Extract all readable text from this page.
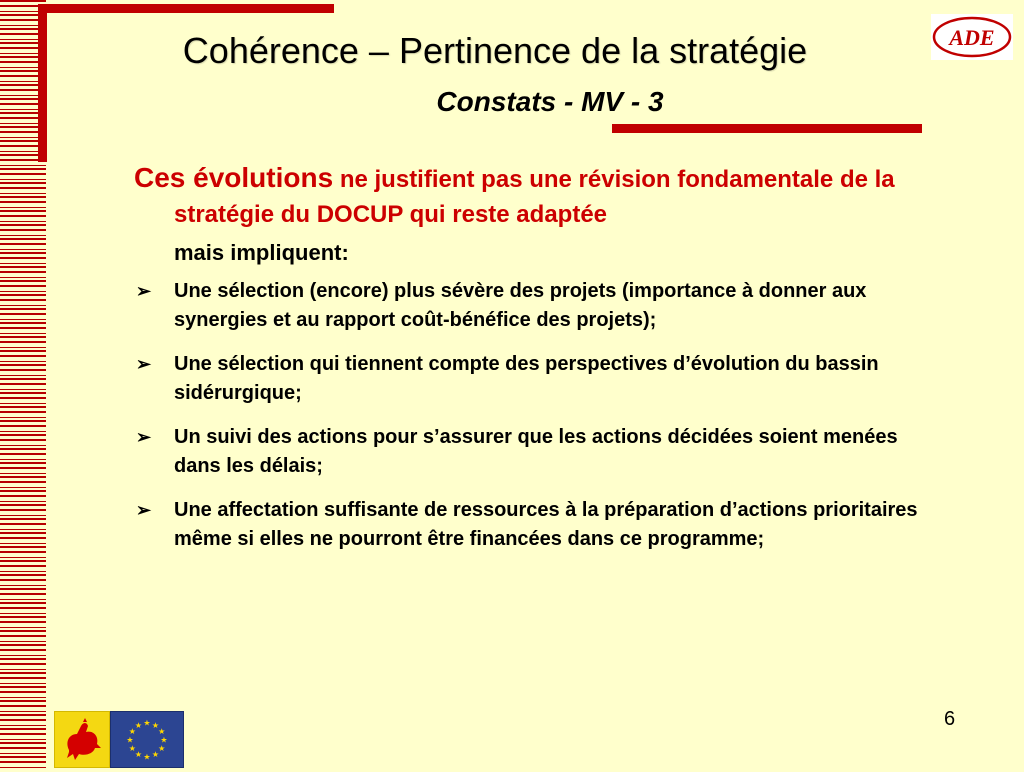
Cohérence – Pertinence de la stratégie
Constats - MV - 3
ADE

Ces évolutions ne justifient pas une révision fondamentale de la stratégie du DOCUP qui reste adaptée

mais impliquent:

➢ Une sélection (encore) plus sévère des projets (importance à donner aux synergies et au rapport coût-bénéfice des projets);
➢ Une sélection qui tiennent compte des perspectives d’évolution du bassin sidérurgique;
➢ Un suivi des actions pour s’assurer que les actions décidées soient menées dans les délais;
➢ Une affectation suffisante de ressources à la préparation d’actions prioritaires même si elles ne pourront être financées dans ce programme;
6
★ ★
★
★
★
★
★
★
★
★
★
★
